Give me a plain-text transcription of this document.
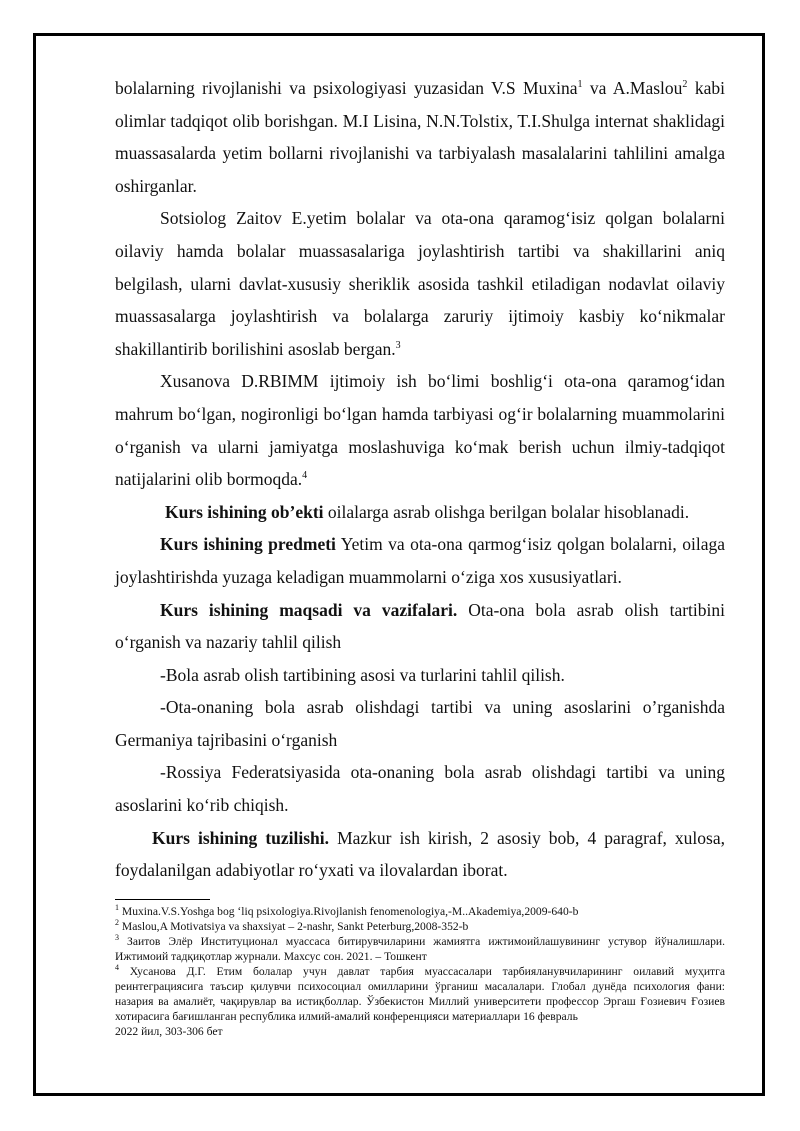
bolalarning rivojlanishi va psixologiyasi yuzasidan V.S Muxina$^1$ va A.Maslou$^2$ kabi olimlar tadqiqot olib borishgan. M.I Lisina, N.N.Tolstix, T.I.Shulga internat shaklidagi muassasalarda yetim bollarni rivojlanishi va tarbiyalash masalalarini tahlilini amalga oshirganlar.

Sotsiolog Zaitov E.yetim bolalar va ota-ona qaramog‘isiz qolgan bolalarni oilaviy hamda bolalar muassasalariga joylashtirish tartibi va shakillarini aniq belgilash, ularni davlat-xususiy sheriklik asosida tashkil etiladigan nodavlat oilaviy muassasalarga joylashtirish va bolalarga zaruriy ijtimoiy kasbiy ko‘nikmalar shakillantirib borilishini asoslab bergan.$^3$

Xusanova D.RBIMM ijtimoiy ish bo‘limi boshlig‘i ota-ona qaramog‘idan mahrum bo‘lgan, nogironligi bo‘lgan hamda tarbiyasi og‘ir bolalarning muammolarini o‘rganish va ularni jamiyatga moslashuviga ko‘mak berish uchun ilmiy-tadqiqot natijalarini olib bormoqda.$^4$

Kurs ishining ob’ekti oilalarga asrab olishga berilgan bolalar hisoblanadi.

Kurs ishining predmeti Yetim va ota-ona qarmog‘isiz qolgan bolalarni, oilaga joylashtirishda yuzaga keladigan muammolarni o‘ziga xos xususiyatlari.

Kurs ishining maqsadi va vazifalari. Ota-ona bola asrab olish tartibini o‘rganish va nazariy tahlil qilish

-Bola asrab olish tartibining asosi va turlarini tahlil qilish.

-Ota-onaning bola asrab olishdagi tartibi va uning asoslarini o’rganishda Germaniya tajribasini o‘rganish

-Rossiya Federatsiyasida ota-onaning bola asrab olishdagi tartibi va uning asoslarini ko‘rib chiqish.

Kurs ishining tuzilishi. Mazkur ish kirish, 2 asosiy bob, 4 paragraf, xulosa, foydalanilgan adabiyotlar ro‘yxati va ilovalardan iborat.

$^1$ Muxina.V.S.Yoshga bog ‘liq psixologiya.Rivojlanish fenomenologiya,-M..Akademiya,2009-640-b

$^2$ Maslou,A Motivatsiya va shaxsiyat – 2-nashr, Sankt Peterburg,2008-352-b

$^3$ Заитов Элёр Институционал муассаса битирувчиларини жамиятга ижтимоийлашувининг устувор йўналишлари. Ижтимоий тадқиқотлар журнали. Махсус сон. 2021. – Тошкент

$^4$ Хусанова Д.Г. Етим болалар учун давлат тарбия муассасалари тарбияланувчиларининг оилавий муҳитга реинтеграциясига таъсир қилувчи психосоциал омилларини ўрганиш масалалари. Глобал дунёда психология фани: назария ва амалиёт, чақирувлар ва истиқболлар. Ўзбекистон Миллий университети профессор Эргаш Ғозиевич Ғозиев хотирасига бағишланган республика илмий-амалий конференцияси материаллари 16 февраль

2022 йил, 303-306 бет
